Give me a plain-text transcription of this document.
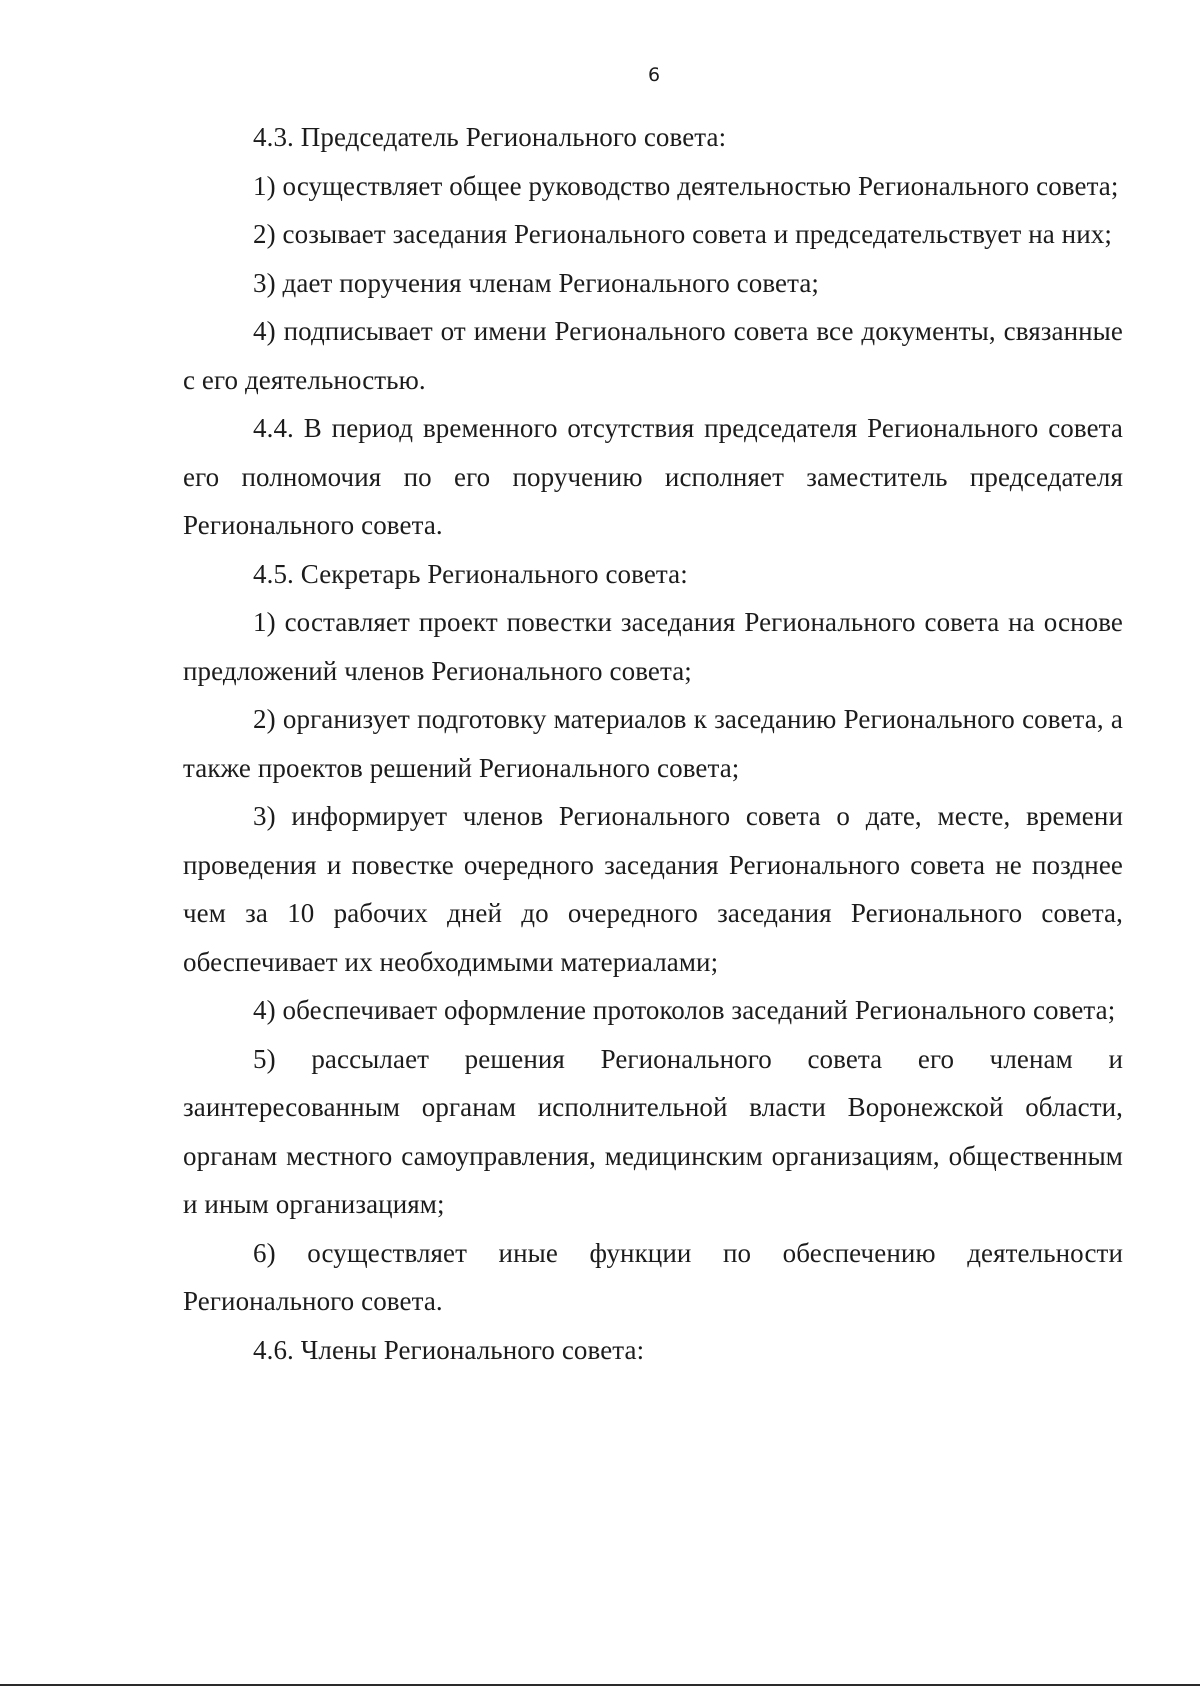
6

4.3. Председатель Регионального совета:

1) осуществляет общее руководство деятельностью Регионального совета;

2) созывает заседания Регионального совета и председательствует на них;

3) дает поручения членам Регионального совета;

4) подписывает от имени Регионального совета все документы, связанные с его деятельностью.

4.4. В период временного отсутствия председателя Регионального совета его полномочия по его поручению исполняет заместитель председателя Регионального совета.

4.5. Секретарь Регионального совета:

1) составляет проект повестки заседания Регионального совета на основе предложений членов Регионального совета;

2) организует подготовку материалов к заседанию Регионального совета, а также проектов решений Регионального совета;

3) информирует членов Регионального совета о дате, месте, времени проведения и повестке очередного заседания Регионального совета не позднее чем за 10 рабочих дней до очередного заседания Регионального совета, обеспечивает их необходимыми материалами;

4) обеспечивает оформление протоколов заседаний Регионального совета;

5) рассылает решения Регионального совета его членам и заинтересованным органам исполнительной власти Воронежской области, органам местного самоуправления, медицинским организациям, общественным и иным организациям;

6) осуществляет иные функции по обеспечению деятельности Регионального совета.

4.6. Члены Регионального совета:
